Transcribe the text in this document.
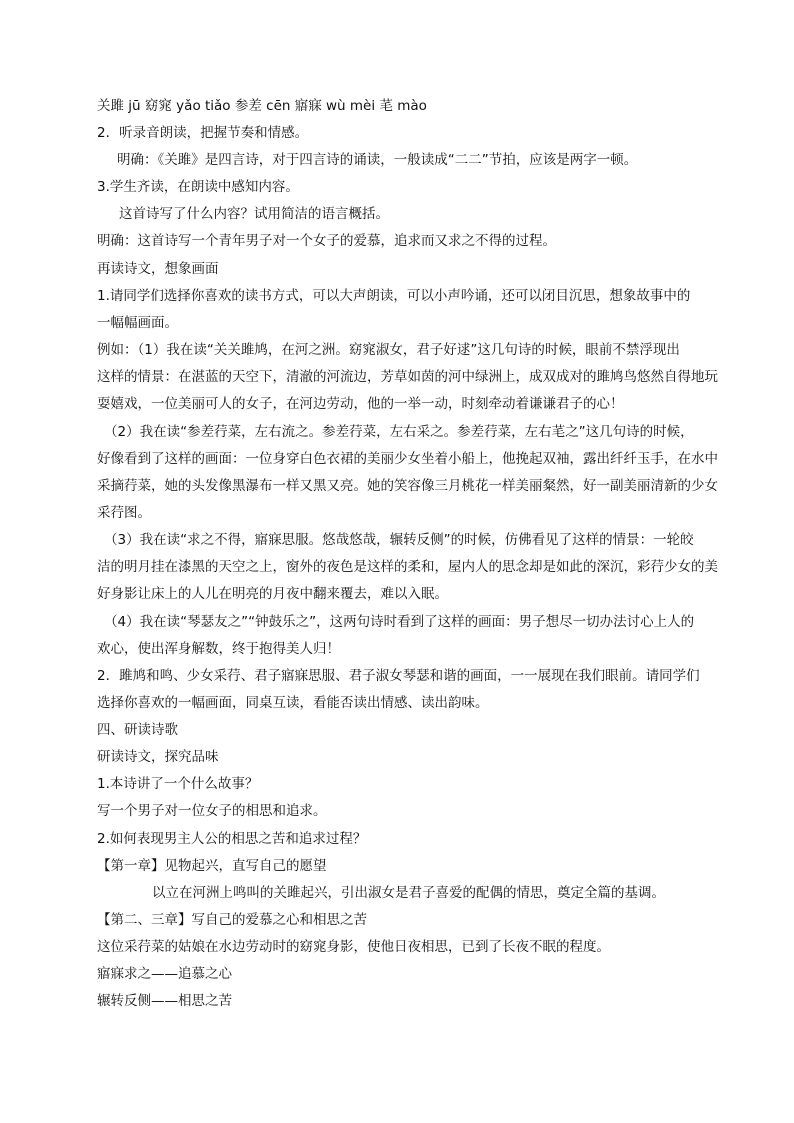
关雎 jū 窈窕 yǎo tiǎo 参差 cēn 寤寐 wù mèi 芼 mào
2．听录音朗读，把握节奏和情感。
明确：《关雎》是四言诗，对于四言诗的诵读，一般读成“二二”节拍，应该是两字一顿。
3.学生齐读，在朗读中感知内容。
这首诗写了什么内容？试用简洁的语言概括。
明确：这首诗写一个青年男子对一个女子的爱慕，追求而又求之不得的过程。
再读诗文，想象画面
1.请同学们选择你喜欢的读书方式，可以大声朗读，可以小声吟诵，还可以闭目沉思，想象故事中的
一幅幅画面。
例如：（1）我在读“关关雎鸠，在河之洲。窈窕淑女，君子好逑”这几句诗的时候，眼前不禁浮现出
这样的情景：在湛蓝的天空下，清澈的河流边，芳草如茵的河中绿洲上，成双成对的雎鸠鸟悠然自得地玩
耍嬉戏，一位美丽可人的女子，在河边劳动，他的一举一动，时刻牵动着谦谦君子的心！
（2）我在读“参差荇菜，左右流之。参差荇菜，左右采之。参差荇菜，左右芼之”这几句诗的时候，
好像看到了这样的画面：一位身穿白色衣裙的美丽少女坐着小船上，他挽起双袖，露出纤纤玉手，在水中
采摘荇菜，她的头发像黑瀑布一样又黑又亮。她的笑容像三月桃花一样美丽粲然，好一副美丽清新的少女
采荇图。
（3）我在读“求之不得，寤寐思服。悠哉悠哉，辗转反侧”的时候，仿佛看见了这样的情景：一轮皎
洁的明月挂在漆黑的天空之上，窗外的夜色是这样的柔和，屋内人的思念却是如此的深沉，彩荇少女的美
好身影让床上的人儿在明亮的月夜中翻来覆去，难以入眠。
（4）我在读“琴瑟友之”“钟鼓乐之”，这两句诗时看到了这样的画面：男子想尽一切办法讨心上人的
欢心，使出浑身解数，终于抱得美人归！
2．雎鸠和鸣、少女采荇、君子寤寐思服、君子淑女琴瑟和谐的画面，一一展现在我们眼前。请同学们
选择你喜欢的一幅画面，同桌互读，看能否读出情感、读出韵味。
四、研读诗歌
研读诗文，探究品味
1.本诗讲了一个什么故事？
写一个男子对一位女子的相思和追求。
2.如何表现男主人公的相思之苦和追求过程？
【第一章】见物起兴，直写自己的愿望
以立在河洲上鸣叫的关雎起兴，引出淑女是君子喜爱的配偶的情思，奠定全篇的基调。
【第二、三章】写自己的爱慕之心和相思之苦
这位采荇菜的姑娘在水边劳动时的窈窕身影，使他日夜相思，已到了长夜不眠的程度。
寤寐求之——追慕之心
辗转反侧——相思之苦
